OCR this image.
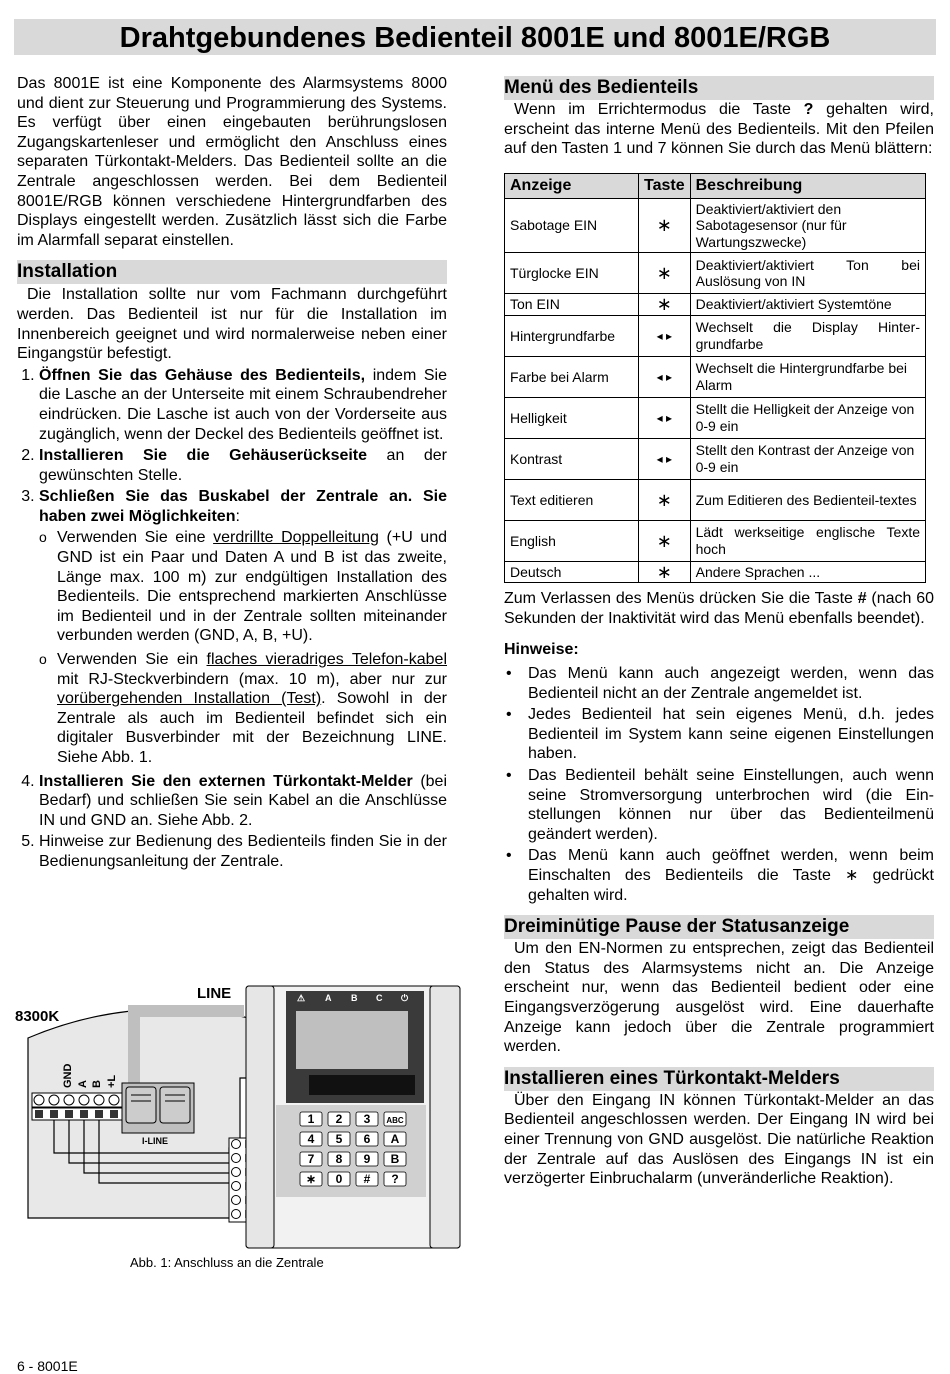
Drahtgebundenes Bedienteil 8001E und 8001E/RGB

Das 8001E ist eine Komponente des Alarmsystems 8000 und dient zur Steuerung und Programmierung des Systems. Es verfügt über einen eingebauten berührungslosen Zugangskartenleser und ermöglicht den Anschluss eines separaten Türkontakt-Melders. Das Bedienteil sollte an die Zentrale angeschlossen werden. Bei dem Bedienteil 8001E/RGB können verschiedene Hintergrundfarben des Displays eingestellt werden. Zusätzlich lässt sich die Farbe im Alarmfall separat einstellen.

Installation

Die Installation sollte nur vom Fachmann durchgeführt werden. Das Bedienteil ist nur für die Installation im Innenbereich geeignet und wird normalerweise neben einer Eingangstür befestigt.

1. Öffnen Sie das Gehäuse des Bedienteils, indem Sie die Lasche an der Unterseite mit einem Schraubendreher eindrücken. Die Lasche ist auch von der Vorderseite aus zugänglich, wenn der Deckel des Bedienteils geöffnet ist.
2. Installieren Sie die Gehäuserückseite an der gewünschten Stelle.
3. Schließen Sie das Buskabel der Zentrale an. Sie haben zwei Möglichkeiten:
o Verwenden Sie eine verdrillte Doppelleitung (+U und GND ist ein Paar und Daten A und B ist das zweite, Länge max. 100 m) zur endgültigen Installation des Bedienteils. Die entsprechend markierten Anschlüsse im Bedienteil und in der Zentrale sollten miteinander verbunden werden (GND, A, B, +U).
o Verwenden Sie ein flaches vieradriges Telefon-kabel mit RJ-Steckverbindern (max. 10 m), aber nur zur vorübergehenden Installation (Test). Sowohl in der Zentrale als auch im Bedienteil befindet sich ein digitaler Busverbinder mit der Bezeichnung LINE. Siehe Abb. 1.
4. Installieren Sie den externen Türkontakt-Melder (bei Bedarf) und schließen Sie sein Kabel an die Anschlüsse IN und GND an. Siehe Abb. 2.
5. Hinweise zur Bedienung des Bedienteils finden Sie in der Bedienungsanleitung der Zentrale.
LINE
8300K
GND A B +L
I-LINE
⚠ A B C ⏻
1 2 3 ABC
4 5 6 A
7 8 9 B
∗ 0 # ?
Abb. 1: Anschluss an die Zentrale
Menü des Bedienteils

Wenn im Errichtermodus die Taste ? gehalten wird, erscheint das interne Menü des Bedienteils. Mit den Pfeilen auf den Tasten 1 und 7 können Sie durch das Menü blättern:

Anzeige	Taste	Beschreibung
Sabotage EIN	∗	Deaktiviert/aktiviert den Sabotagesensor (nur für Wartungszwecke)
Türglocke EIN	∗	Deaktiviert/aktiviert Ton bei Auslösung von IN
Ton EIN	∗	Deaktiviert/aktiviert Systemtöne
Hintergrundfarbe	◂ ▸	Wechselt die Display Hinter-grundfarbe
Farbe bei Alarm	◂ ▸	Wechselt die Hintergrundfarbe bei Alarm
Helligkeit	◂ ▸	Stellt die Helligkeit der Anzeige von 0-9 ein
Kontrast	◂ ▸	Stellt den Kontrast der Anzeige von 0-9 ein
Text editieren	∗	Zum Editieren des Bedienteil-textes
English	∗	Lädt werkseitige englische Texte hoch
Deutsch	∗	Andere Sprachen ...

Zum Verlassen des Menüs drücken Sie die Taste # (nach 60 Sekunden der Inaktivität wird das Menü ebenfalls beendet).

Hinweise:

• Das Menü kann auch angezeigt werden, wenn das Bedienteil nicht an der Zentrale angemeldet ist.
• Jedes Bedienteil hat sein eigenes Menü, d.h. jedes Bedienteil im System kann seine eigenen Einstellungen haben.
• Das Bedienteil behält seine Einstellungen, auch wenn seine Stromversorgung unterbrochen wird (die Ein-stellungen können nur über das Bedienteilmenü geändert werden).
• Das Menü kann auch geöffnet werden, wenn beim Einschalten des Bedienteils die Taste ∗ gedrückt gehalten wird.
Dreiminütige Pause der Statusanzeige

Um den EN-Normen zu entsprechen, zeigt das Bedienteil den Status des Alarmsystems nicht an. Die Anzeige erscheint nur, wenn das Bedienteil bedient oder eine Eingangsverzögerung ausgelöst wird. Eine dauerhafte Anzeige kann jedoch über die Zentrale programmiert werden.

Installieren eines Türkontakt-Melders

Über den Eingang IN können Türkontakt-Melder an das Bedienteil angeschlossen werden. Der Eingang IN wird bei einer Trennung von GND ausgelöst. Die natürliche Reaktion der Zentrale auf das Auslösen des Eingangs IN ist ein verzögerter Einbruchalarm (unveränderliche Reaktion).

6 - 8001E
